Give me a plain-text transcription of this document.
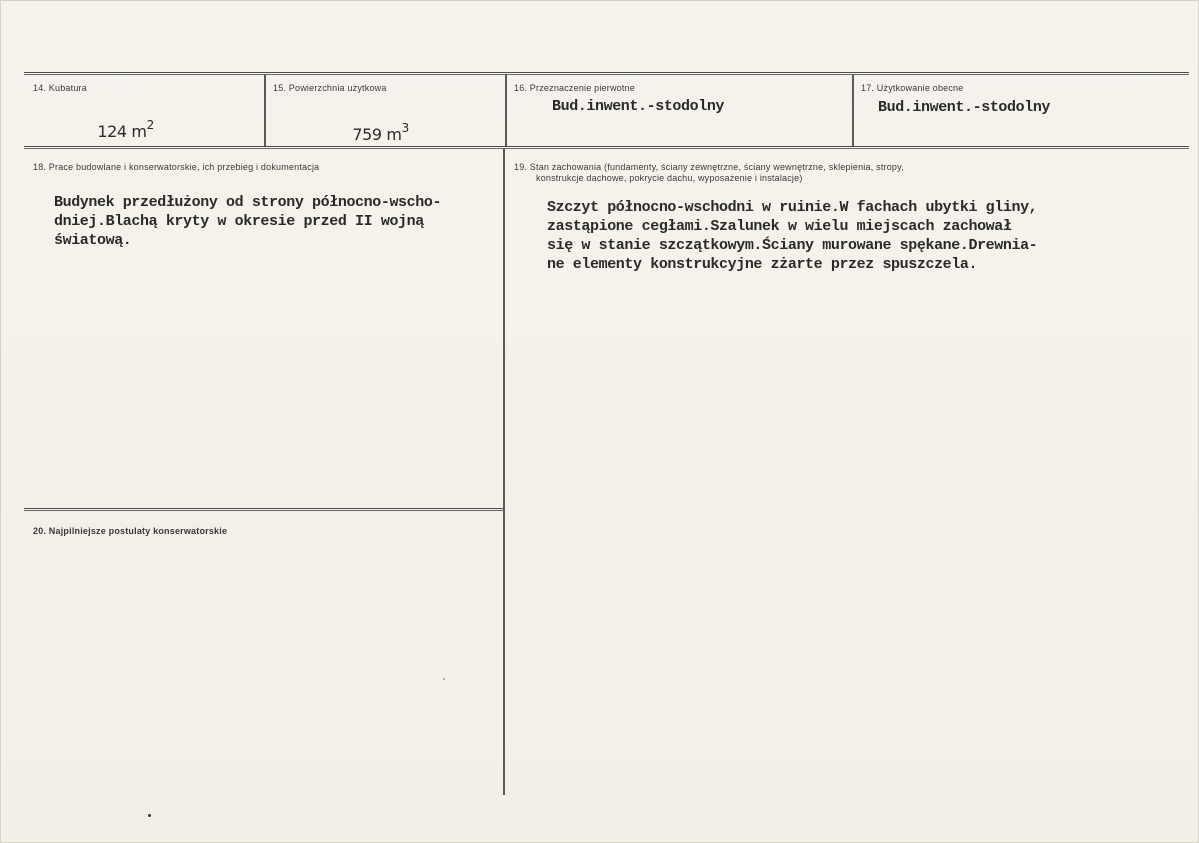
14. Kubatura

124 $m^2$

15. Powierzchnia użytkowa

759 $m^3$

16. Przeznaczenie pierwotne
Bud.inwent.-stodolny
17. Użytkowanie obecne
Bud.inwent.-stodolny
18. Prace budowlane i konserwatorskie, ich przebieg i dokumentacja
Budynek przedłużony od strony północno-wscho-
dniej.Blachą kryty w okresie przed II wojną
światową.
19. Stan zachowania (fundamenty, ściany zewnętrzne, ściany wewnętrzne, sklepienia, stropy,
konstrukcje dachowe, pokrycie dachu, wyposażenie i instalacje)
Szczyt północno-wschodni w ruinie.W fachach ubytki gliny,
zastąpione cegłami.Szalunek w wielu miejscach zachował
się w stanie szczątkowym.Ściany murowane spękane.Drewnia-
ne elementy konstrukcyjne zżarte przez spuszczela.
20. Najpilniejsze postulaty konserwatorskie
